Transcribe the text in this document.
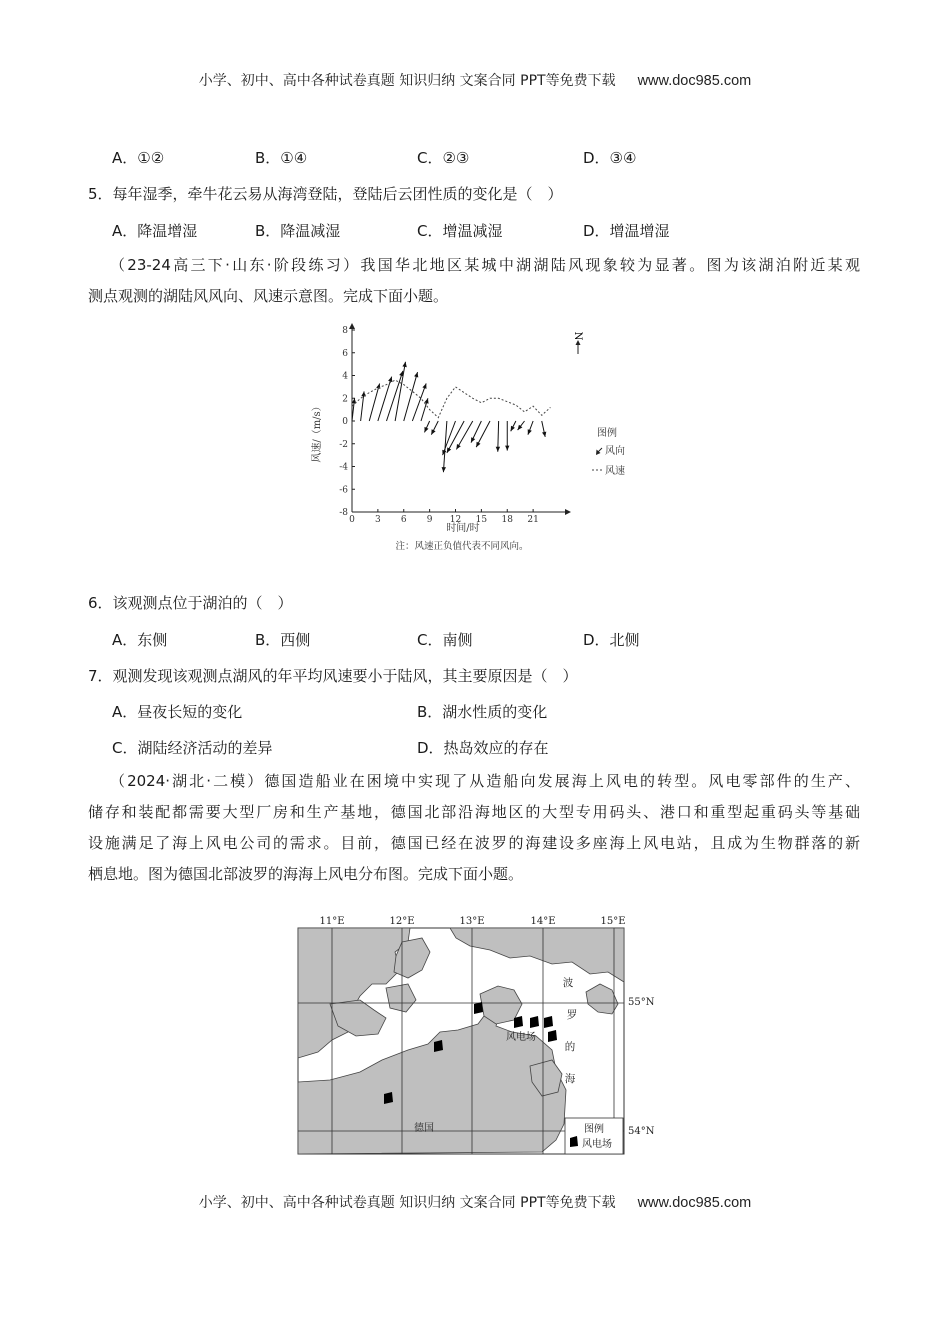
小学、初中、高中各种试卷真题 知识归纳 文案合同 PPT等免费下载 www.doc985.com
A．①②	B．①④	C．②③	D．③④
5．每年湿季，牵牛花云易从海湾登陆，登陆后云团性质的变化是（　）
A．降温增湿	B．降温减湿	C．增温减湿	D．增温增湿

（23-24高三下·山东·阶段练习）我国华北地区某城中湖湖陆风现象较为显著。图为该湖泊附近某观

测点观测的湖陆风风向、风速示意图。完成下面小题。

8
6
4
2
0
-2
-4
-6
-8
0 3 6 9 12 15 18 21
N
图例
风向
风速
风速/（m/s）
时间/时
注：风速正负值代表不同风向。
6．该观测点位于湖泊的（　）
A．东侧	B．西侧	C．南侧	D．北侧
7．观测发现该观测点湖风的年平均风速要小于陆风，其主要原因是（　）
A．昼夜长短的变化	B．湖水性质的变化
C．湖陆经济活动的差异	D．热岛效应的存在

（2024·湖北·二模）德国造船业在困境中实现了从造船向发展海上风电的转型。风电零部件的生产、

储存和装配都需要大型厂房和生产基地，德国北部沿海地区的大型专用码头、港口和重型起重码头等基础

设施满足了海上风电公司的需求。目前，德国已经在波罗的海建设多座海上风电站，且成为生物群落的新

栖息地。图为德国北部波罗的海海上风电分布图。完成下面小题。

11°E	12°E	13°E	14°E	15°E
55°N
54°N
波
罗
的
海
风电场
德国	图例
风电场
小学、初中、高中各种试卷真题 知识归纳 文案合同 PPT等免费下载 www.doc985.com
